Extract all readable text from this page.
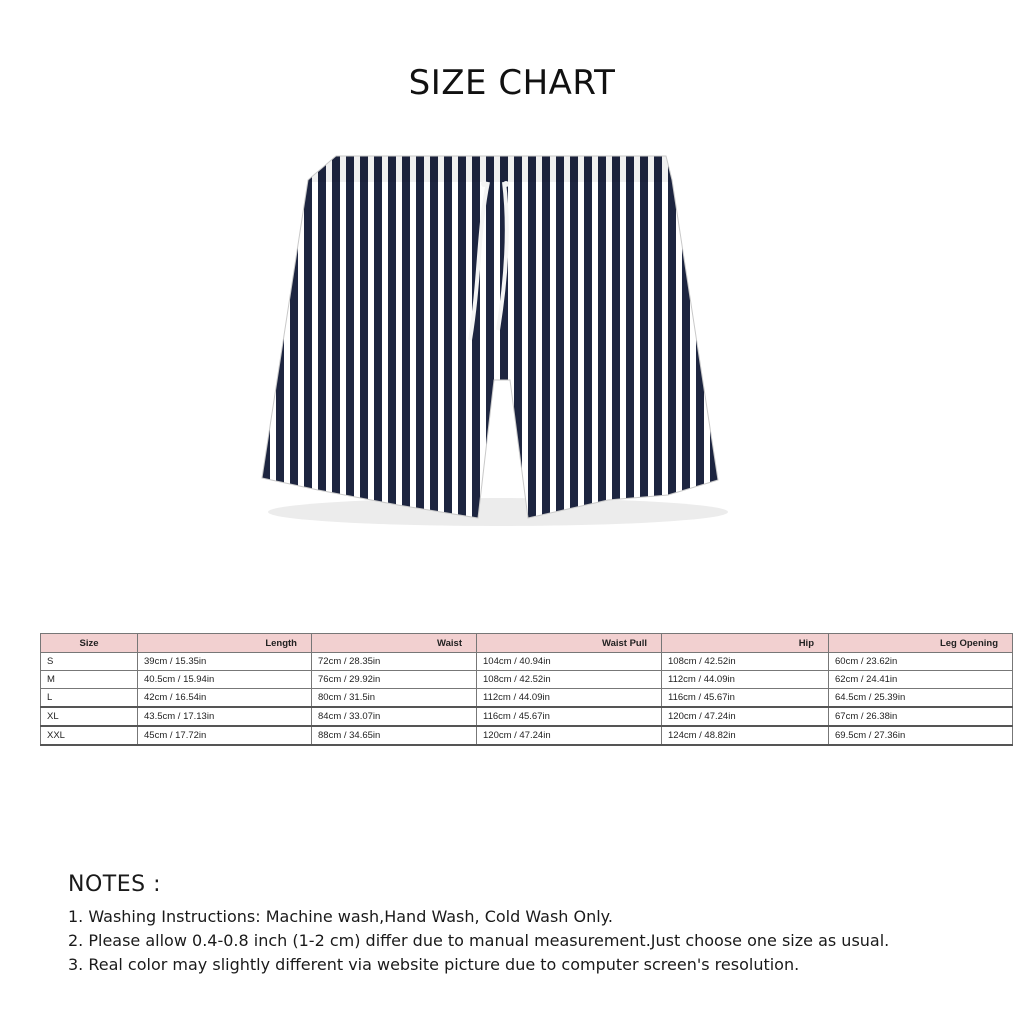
SIZE CHART
Size	Length	Waist	Waist Pull	Hip	Leg Opening
S	39cm / 15.35in	72cm / 28.35in	104cm / 40.94in	108cm / 42.52in	60cm / 23.62in
M	40.5cm / 15.94in	76cm / 29.92in	108cm / 42.52in	112cm / 44.09in	62cm / 24.41in
L	42cm / 16.54in	80cm / 31.5in	112cm / 44.09in	116cm / 45.67in	64.5cm / 25.39in
XL	43.5cm / 17.13in	84cm / 33.07in	116cm / 45.67in	120cm / 47.24in	67cm / 26.38in
XXL	45cm / 17.72in	88cm / 34.65in	120cm / 47.24in	124cm / 48.82in	69.5cm / 27.36in
NOTES :
1. Washing Instructions: Machine wash,Hand Wash, Cold Wash Only.
2. Please allow 0.4-0.8 inch (1-2 cm) differ due to manual measurement.Just choose one size as usual.
3. Real color may slightly different via website picture due to computer screen's resolution.
